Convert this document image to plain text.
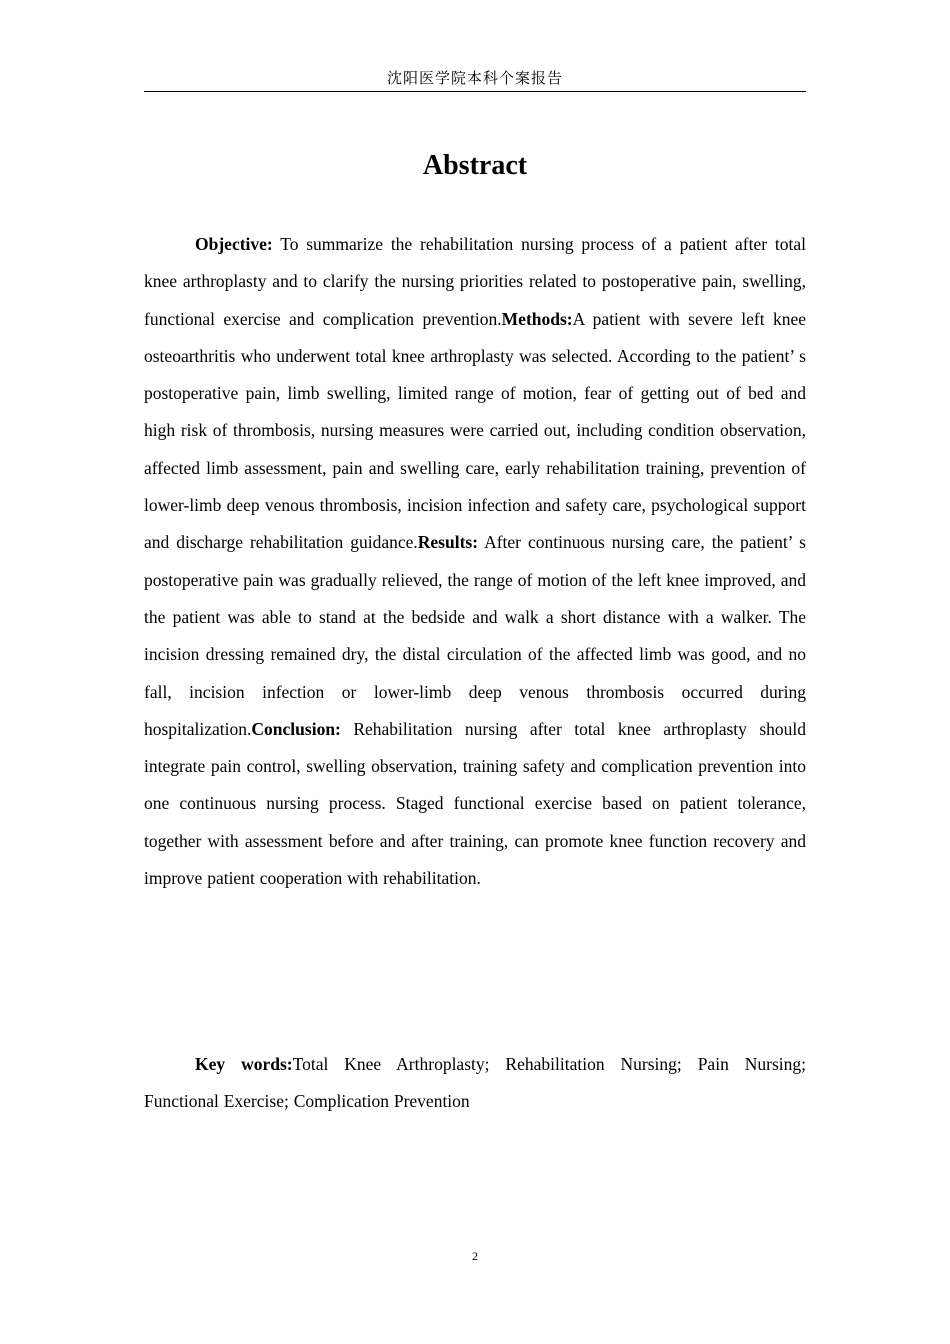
沈阳医学院本科个案报告
Abstract

Objective: To summarize the rehabilitation nursing process of a patient after total knee arthroplasty and to clarify the nursing priorities related to postoperative pain, swelling, functional exercise and complication prevention.Methods:A patient with severe left knee osteoarthritis who underwent total knee arthroplasty was selected. According to the patient’ s postoperative pain, limb swelling, limited range of motion, fear of getting out of bed and high risk of thrombosis, nursing measures were carried out, including condition observation, affected limb assessment, pain and swelling care, early rehabilitation training, prevention of lower-limb deep venous thrombosis, incision infection and safety care, psychological support and discharge rehabilitation guidance.Results: After continuous nursing care, the patient’ s postoperative pain was gradually relieved, the range of motion of the left knee improved, and the patient was able to stand at the bedside and walk a short distance with a walker. The incision dressing remained dry, the distal circulation of the affected limb was good, and no fall, incision infection or lower-limb deep venous thrombosis occurred during hospitalization.Conclusion: Rehabilitation nursing after total knee arthroplasty should integrate pain control, swelling observation, training safety and complication prevention into one continuous nursing process. Staged functional exercise based on patient tolerance, together with assessment before and after training, can promote knee function recovery and improve patient cooperation with rehabilitation.

Key words:Total Knee Arthroplasty; Rehabilitation Nursing; Pain Nursing; Functional Exercise; Complication Prevention

2
